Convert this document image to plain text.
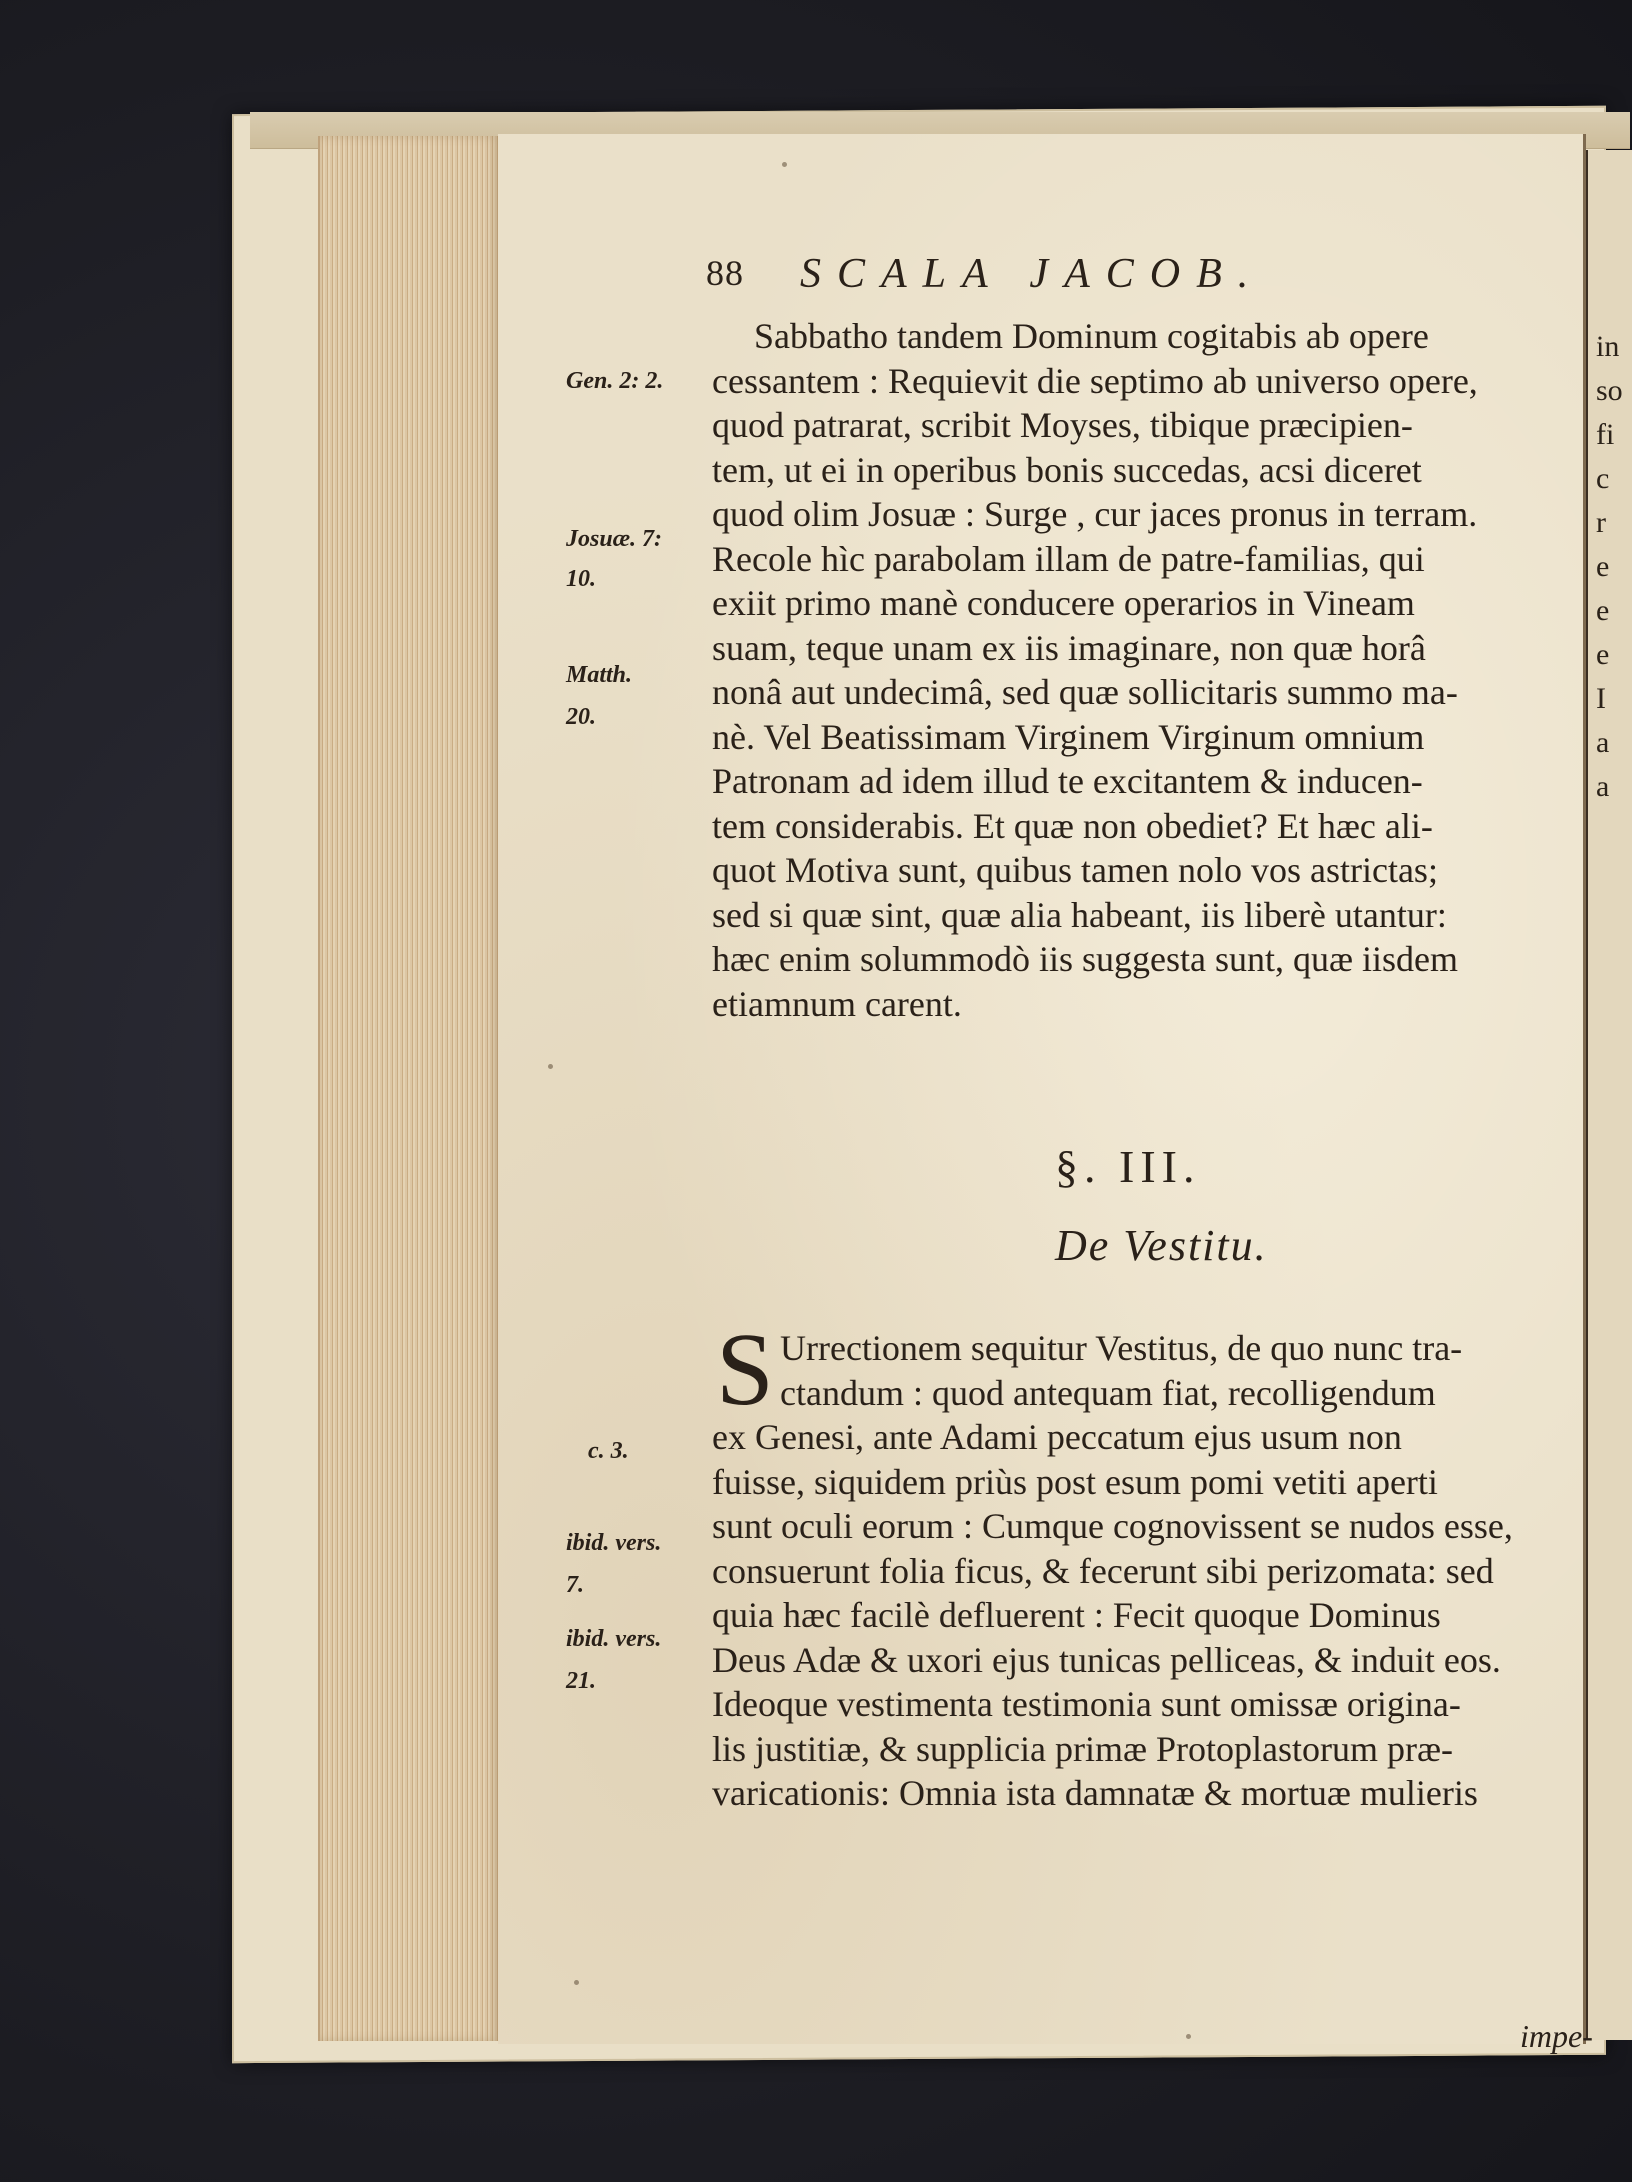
in
so
fi
c
r
e
e
e
I
a
a
88 SCALA JACOB.
Gen. 2: 2.
Josuæ. 7:
10.
Matth.
20.
c. 3.
ibid. vers.
7.
ibid. vers.
21.
Sabbatho tandem Dominum cogitabis ab opere
cessantem : Requievit die septimo ab universo opere,
quod patrarat, scribit Moyses, tibique præcipien-
tem, ut ei in operibus bonis succedas, acsi diceret
quod olim Josuæ : Surge , cur jaces pronus in terram.
Recole hìc parabolam illam de patre-familias, qui
exiit primo manè conducere operarios in Vineam
suam, teque unam ex iis imaginare, non quæ horâ
nonâ aut undecimâ, sed quæ sollicitaris summo ma-
nè. Vel Beatissimam Virginem Virginum omnium
Patronam ad idem illud te excitantem & inducen-
tem considerabis. Et quæ non obediet? Et hæc ali-
quot Motiva sunt, quibus tamen nolo vos astrictas;
sed si quæ sint, quæ alia habeant, iis liberè utantur:
hæc enim solummodò iis suggesta sunt, quæ iisdem
etiamnum carent.
§. III.
De Vestitu.
S Urrectionem sequitur Vestitus, de quo nunc tra-
ctandum : quod antequam fiat, recolligendum
ex Genesi, ante Adami peccatum ejus usum non
fuisse, siquidem priùs post esum pomi vetiti aperti
sunt oculi eorum : Cumque cognovissent se nudos esse,
consuerunt folia ficus, & fecerunt sibi perizomata: sed
quia hæc facilè defluerent : Fecit quoque Dominus
Deus Adæ & uxori ejus tunicas pelliceas, & induit eos.
Ideoque vestimenta testimonia sunt omissæ origina-
lis justitiæ, & supplicia primæ Protoplastorum præ-
varicationis: Omnia ista damnatæ & mortuæ mulieris
impe-
